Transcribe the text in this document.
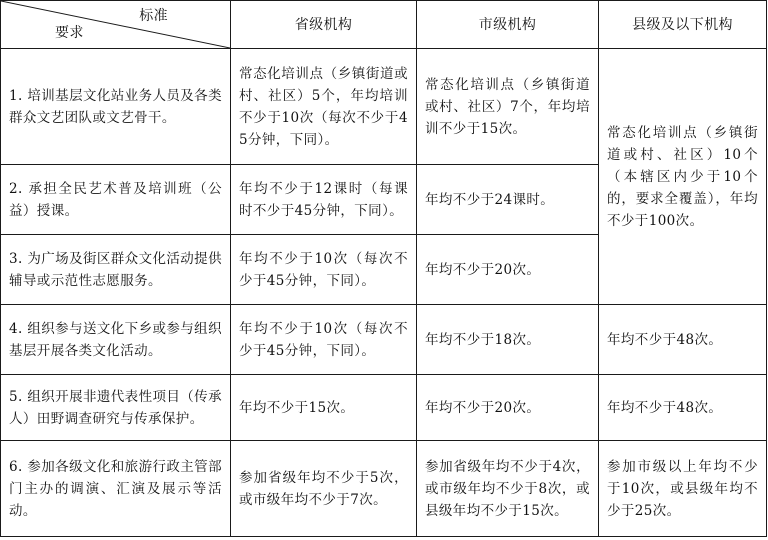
标准
要求	省级机构	市级机构	县级及以下机构
1. 培训基层文化站业务人员及各类群众文艺团队或文艺骨干。	常态化培训点（乡镇街道或村、社区）5个，年均培训不少于10次（每次不少于45分钟，下同）。	常态化培训点（乡镇街道或村、社区）7个，年均培训不少于15次。	常态化培训点（乡镇街道或村、社区）10个（本辖区内少于10个的，要求全覆盖），年均不少于100次。
2. 承担全民艺术普及培训班（公益）授课。	年均不少于12课时（每课时不少于45分钟，下同）。	年均不少于24课时。	
3. 为广场及街区群众文化活动提供辅导或示范性志愿服务。	年均不少于10次（每次不少于45分钟，下同）。	年均不少于20次。	
4. 组织参与送文化下乡或参与组织基层开展各类文化活动。	年均不少于10次（每次不少于45分钟，下同）。	年均不少于18次。	年均不少于48次。
5. 组织开展非遗代表性项目（传承人）田野调查研究与传承保护。	年均不少于15次。	年均不少于20次。	年均不少于48次。
6. 参加各级文化和旅游行政主管部门主办的调演、汇演及展示等活动。	参加省级年均不少于5次，或市级年均不少于7次。	参加省级年均不少于4次，或市级年均不少于8次，或县级年均不少于15次。	参加市级以上年均不少于10次，或县级年均不少于25次。
